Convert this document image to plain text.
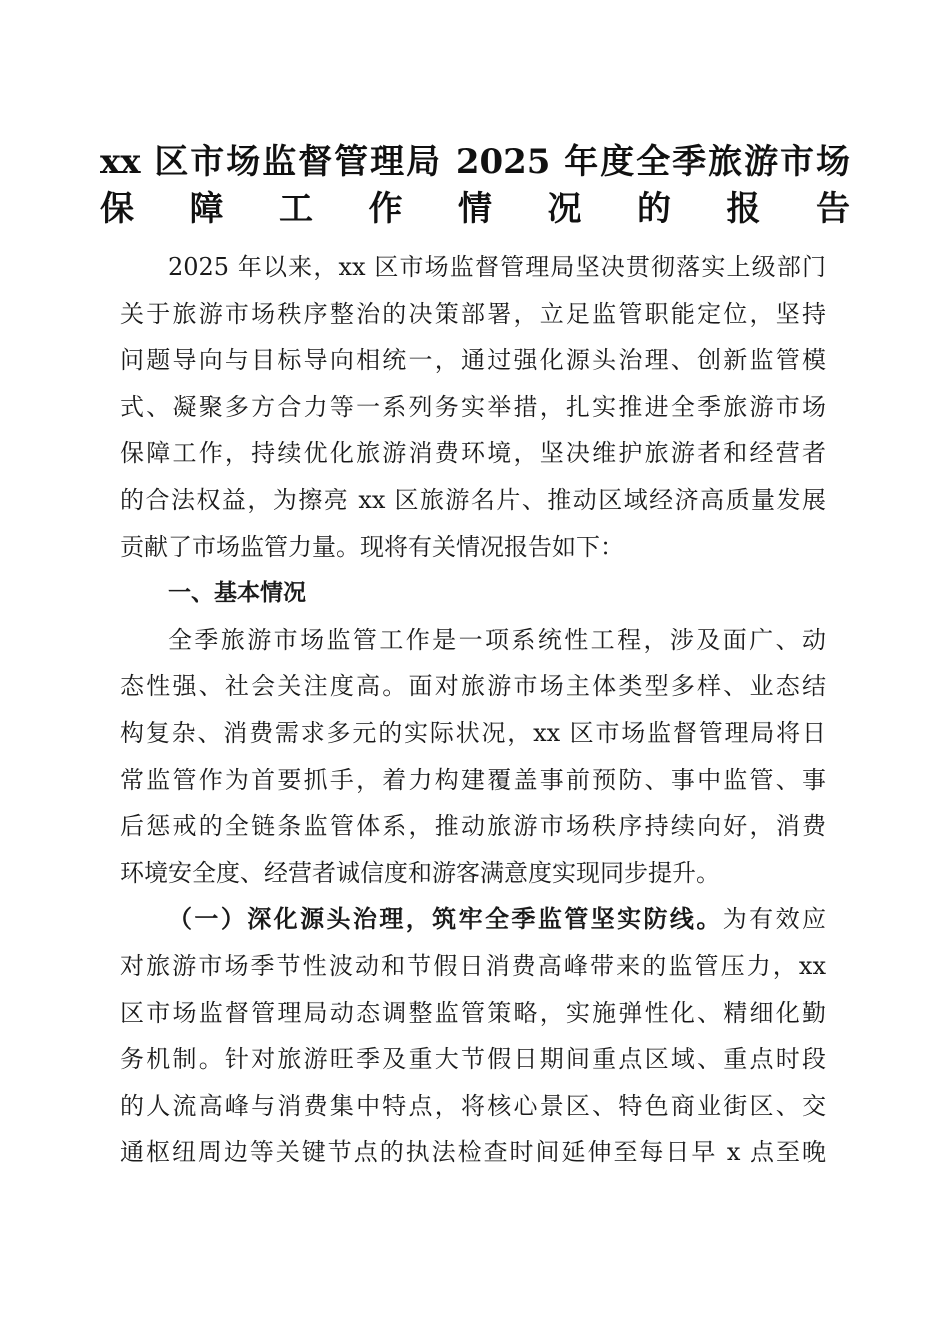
xx 区市场监督管理局 2025 年度全季旅游市场
保障工作情况的报告
2025 年以来，xx 区市场监督管理局坚决贯彻落实上级部门
关于旅游市场秩序整治的决策部署，立足监管职能定位，坚持
问题导向与目标导向相统一，通过强化源头治理、创新监管模
式、凝聚多方合力等一系列务实举措，扎实推进全季旅游市场
保障工作，持续优化旅游消费环境，坚决维护旅游者和经营者
的合法权益，为擦亮 xx 区旅游名片、推动区域经济高质量发展
贡献了市场监管力量。现将有关情况报告如下：
一、基本情况
全季旅游市场监管工作是一项系统性工程，涉及面广、动
态性强、社会关注度高。面对旅游市场主体类型多样、业态结
构复杂、消费需求多元的实际状况，xx 区市场监督管理局将日
常监管作为首要抓手，着力构建覆盖事前预防、事中监管、事
后惩戒的全链条监管体系，推动旅游市场秩序持续向好，消费
环境安全度、经营者诚信度和游客满意度实现同步提升。
（一）深化源头治理，筑牢全季监管坚实防线。为有效应
对旅游市场季节性波动和节假日消费高峰带来的监管压力，xx
区市场监督管理局动态调整监管策略，实施弹性化、精细化勤
务机制。针对旅游旺季及重大节假日期间重点区域、重点时段
的人流高峰与消费集中特点，将核心景区、特色商业街区、交
通枢纽周边等关键节点的执法检查时间延伸至每日早 x 点至晚
